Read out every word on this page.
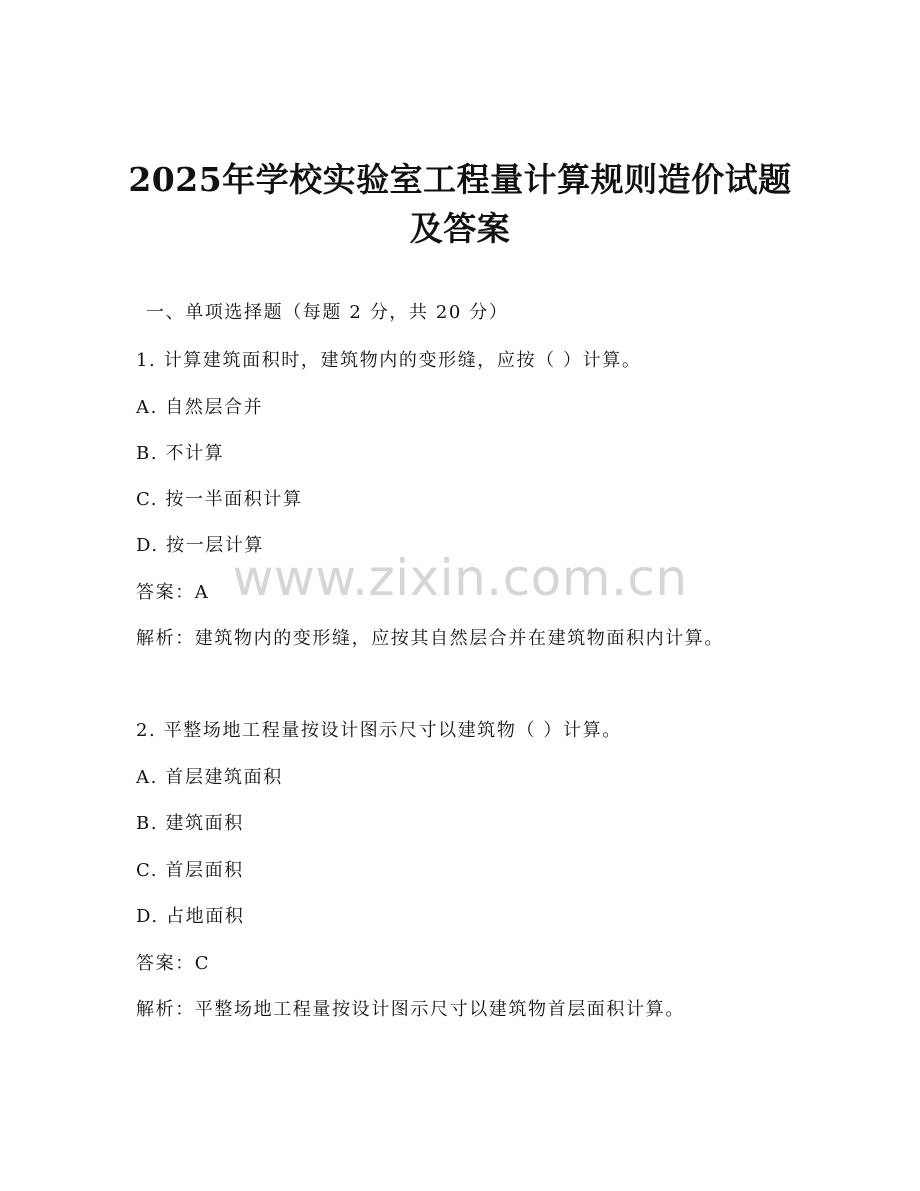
2025年学校实验室工程量计算规则造价试题
及答案

一、单项选择题（每题 2 分，共 20 分）

1. 计算建筑面积时，建筑物内的变形缝，应按（ ）计算。

A. 自然层合并

B. 不计算

C. 按一半面积计算

D. 按一层计算

答案：A

解析：建筑物内的变形缝，应按其自然层合并在建筑物面积内计算。

2. 平整场地工程量按设计图示尺寸以建筑物（ ）计算。

A. 首层建筑面积

B. 建筑面积

C. 首层面积

D. 占地面积

答案：C

解析：平整场地工程量按设计图示尺寸以建筑物首层面积计算。

www.zixin.com.cn
